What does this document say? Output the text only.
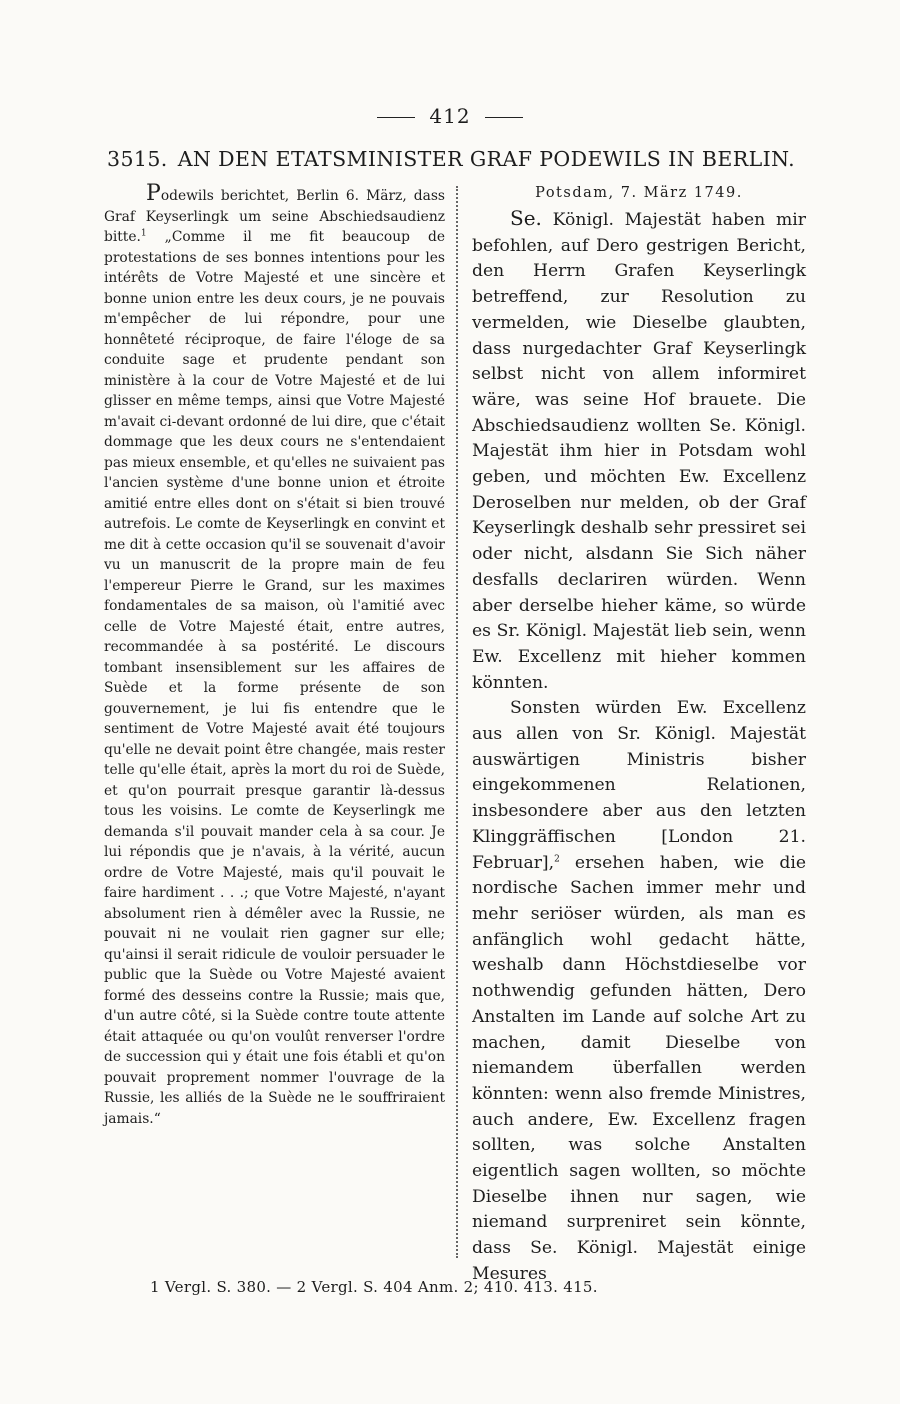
412
3515. AN DEN ETATSMINISTER GRAF PODEWILS IN BERLIN.

Podewils berichtet, Berlin 6. März, dass Graf Keyserlingk um seine Abschiedsaudienz bitte.$^1$ „Comme il me fit beaucoup de protestations de ses bonnes intentions pour les intérêts de Votre Majesté et une sincère et bonne union entre les deux cours, je ne pouvais m'empêcher de lui répondre, pour une honnêteté réciproque, de faire l'éloge de sa conduite sage et prudente pendant son ministère à la cour de Votre Majesté et de lui glisser en même temps, ainsi que Votre Majesté m'avait ci-devant ordonné de lui dire, que c'était dommage que les deux cours ne s'entendaient pas mieux ensemble, et qu'elles ne suivaient pas l'ancien système d'une bonne union et étroite amitié entre elles dont on s'était si bien trouvé autrefois. Le comte de Keyserlingk en convint et me dit à cette occasion qu'il se souvenait d'avoir vu un manuscrit de la propre main de feu l'empereur Pierre le Grand, sur les maximes fondamentales de sa maison, où l'amitié avec celle de Votre Majesté était, entre autres, recommandée à sa postérité. Le discours tombant insensiblement sur les affaires de Suède et la forme présente de son gouvernement, je lui fis entendre que le sentiment de Votre Majesté avait été toujours qu'elle ne devait point être changée, mais rester telle qu'elle était, après la mort du roi de Suède, et qu'on pourrait presque garantir là-dessus tous les voisins. Le comte de Keyserlingk me demanda s'il pouvait mander cela à sa cour. Je lui répondis que je n'avais, à la vérité, aucun ordre de Votre Majesté, mais qu'il pouvait le faire hardiment . . .; que Votre Majesté, n'ayant absolument rien à démêler avec la Russie, ne pouvait ni ne voulait rien gagner sur elle; qu'ainsi il serait ridicule de vouloir persuader le public que la Suède ou Votre Majesté avaient formé des desseins contre la Russie; mais que, d'un autre côté, si la Suède contre toute attente était attaquée ou qu'on voulût renverser l'ordre de succession qui y était une fois établi et qu'on pouvait proprement nommer l'ouvrage de la Russie, les alliés de la Suède ne le souffriraient jamais.“

Potsdam, 7. März 1749.

Se. Königl. Majestät haben mir befohlen, auf Dero gestrigen Bericht, den Herrn Grafen Keyserlingk betreffend, zur Resolution zu vermelden, wie Dieselbe glaubten, dass nurgedachter Graf Keyserlingk selbst nicht von allem informiret wäre, was seine Hof brauete. Die Abschiedsaudienz wollten Se. Königl. Majestät ihm hier in Potsdam wohl geben, und möchten Ew. Excellenz Deroselben nur melden, ob der Graf Keyserlingk deshalb sehr pressiret sei oder nicht, alsdann Sie Sich näher desfalls declariren würden. Wenn aber derselbe hieher käme, so würde es Sr. Königl. Majestät lieb sein, wenn Ew. Excellenz mit hieher kommen könnten.

Sonsten würden Ew. Excellenz aus allen von Sr. Königl. Majestät auswärtigen Ministris bisher eingekommenen Relationen, insbesondere aber aus den letzten Klinggräffischen [London 21. Februar],$^2$ ersehen haben, wie die nordische Sachen immer mehr und mehr seriöser würden, als man es anfänglich wohl gedacht hätte, weshalb dann Höchstdieselbe vor nothwendig gefunden hätten, Dero Anstalten im Lande auf solche Art zu machen, damit Dieselbe von niemandem überfallen werden könnten: wenn also fremde Ministres, auch andere, Ew. Excellenz fragen sollten, was solche Anstalten eigentlich sagen wollten, so möchte Dieselbe ihnen nur sagen, wie niemand surpreniret sein könnte, dass Se. Königl. Majestät einige Mesures

1 Vergl. S. 380. — 2 Vergl. S. 404 Anm. 2; 410. 413. 415.
